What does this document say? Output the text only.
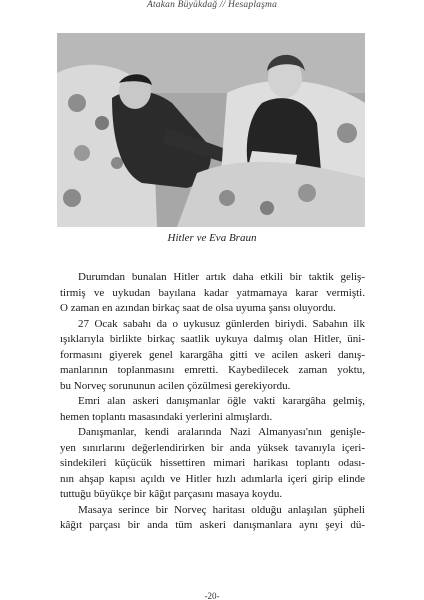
Atakan Büyükdağ // Hesaplaşma
Hitler ve Eva Braun
Durumdan bunalan Hitler artık daha etkili bir taktik geliş-
tirmiş ve uykudan bayılana kadar yatmamaya karar vermişti.
O zaman en azından birkaç saat de olsa uyuma şansı oluyordu.
27 Ocak sabahı da o uykusuz günlerden biriydi. Sabahın ilk
ışıklarıyla birlikte birkaç saatlik uykuya dalmış olan Hitler, üni-
formasını giyerek genel karargâha gitti ve acilen askeri danış-
manlarının toplanmasını emretti. Kaybedilecek zaman yoktu,
bu Norveç sorununun acilen çözülmesi gerekiyordu.
Emri alan askeri danışmanlar öğle vakti karargâha gelmiş,
hemen toplantı masasındaki yerlerini almışlardı.
Danışmanlar, kendi aralarında Nazi Almanyası'nın genişle-
yen sınırlarını değerlendirirken bir anda yüksek tavanıyla içeri-
sindekileri küçücük hissettiren mimari harikası toplantı odası-
nın ahşap kapısı açıldı ve Hitler hızlı adımlarla içeri girip elinde
tuttuğu büyükçe bir kâğıt parçasını masaya koydu.
Masaya serince bir Norveç haritası olduğu anlaşılan şüpheli
kâğıt parçası bir anda tüm askeri danışmanlara aynı şeyi dü-
-20-
